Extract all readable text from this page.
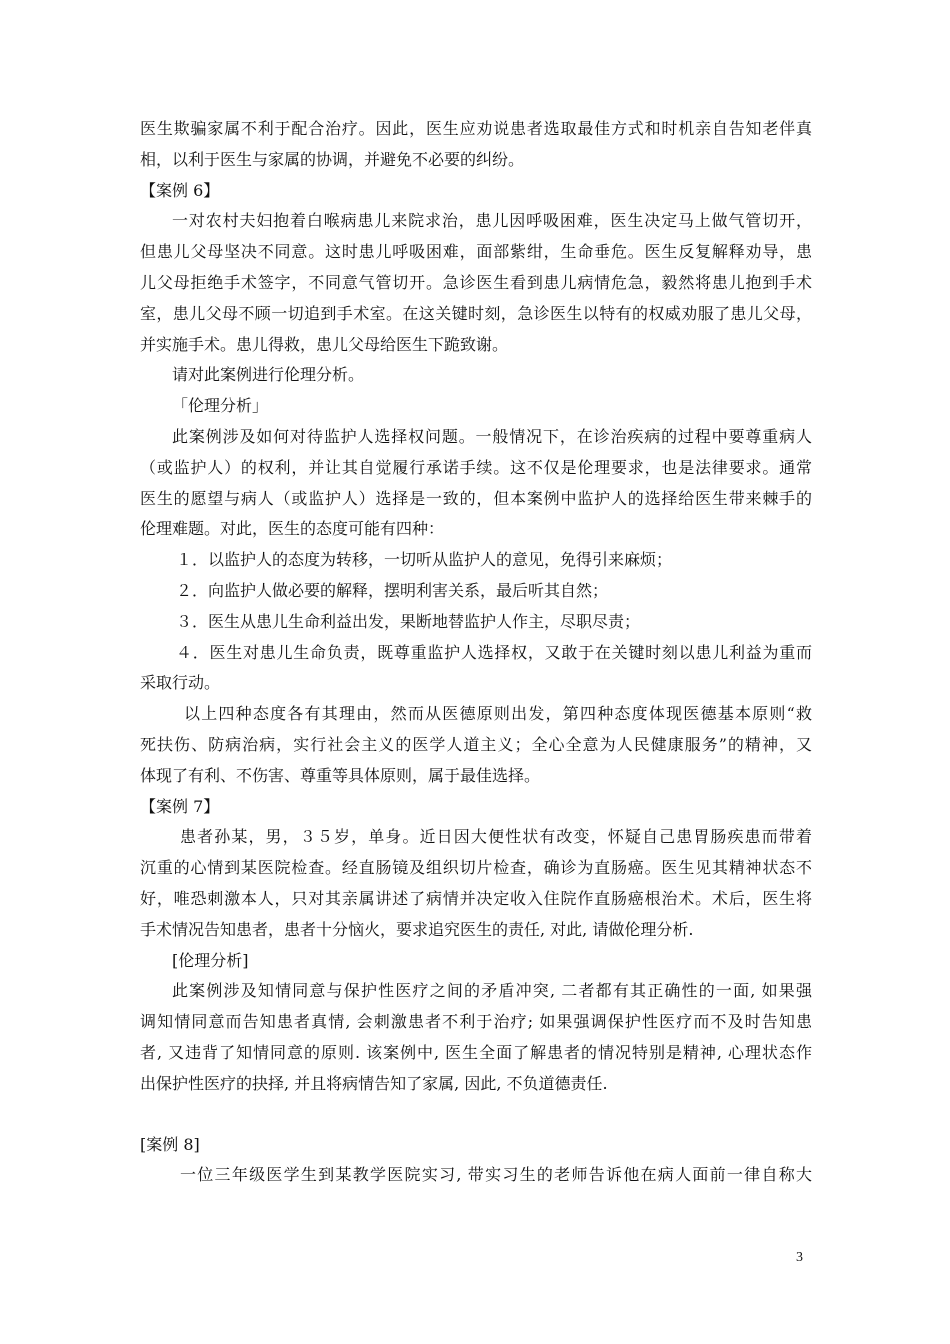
医生欺骗家属不利于配合治疗。因此，医生应劝说患者选取最佳方式和时机亲自告知老伴真
相，以利于医生与家属的协调，并避免不必要的纠纷。
【案例 6】
一对农村夫妇抱着白喉病患儿来院求治，患儿因呼吸困难，医生决定马上做气管切开，
但患儿父母坚决不同意。这时患儿呼吸困难，面部紫绀，生命垂危。医生反复解释劝导，患
儿父母拒绝手术签字，不同意气管切开。急诊医生看到患儿病情危急，毅然将患儿抱到手术
室，患儿父母不顾一切追到手术室。在这关键时刻，急诊医生以特有的权威劝服了患儿父母，
并实施手术。患儿得救，患儿父母给医生下跪致谢。
请对此案例进行伦理分析。
「伦理分析」
此案例涉及如何对待监护人选择权问题。一般情况下，在诊治疾病的过程中要尊重病人
（或监护人）的权利，并让其自觉履行承诺手续。这不仅是伦理要求，也是法律要求。通常
医生的愿望与病人（或监护人）选择是一致的，但本案例中监护人的选择给医生带来棘手的
伦理难题。对此，医生的态度可能有四种：
１．以监护人的态度为转移，一切听从监护人的意见，免得引来麻烦；
２．向监护人做必要的解释，摆明利害关系，最后听其自然；
３．医生从患儿生命利益出发，果断地替监护人作主，尽职尽责；
４．医生对患儿生命负责，既尊重监护人选择权，又敢于在关键时刻以患儿利益为重而
采取行动。
以上四种态度各有其理由，然而从医德原则出发，第四种态度体现医德基本原则“救
死扶伤、防病治病，实行社会主义的医学人道主义；全心全意为人民健康服务”的精神，又
体现了有利、不伤害、尊重等具体原则，属于最佳选择。
【案例 7】
患者孙某，男，３５岁，单身。近日因大便性状有改变，怀疑自己患胃肠疾患而带着
沉重的心情到某医院检查。经直肠镜及组织切片检查，确诊为直肠癌。医生见其精神状态不
好，唯恐刺激本人，只对其亲属讲述了病情并决定收入住院作直肠癌根治术。术后，医生将
手术情况告知患者，患者十分恼火，要求追究医生的责任, 对此, 请做伦理分析.
[伦理分析]
此案例涉及知情同意与保护性医疗之间的矛盾冲突, 二者都有其正确性的一面, 如果强
调知情同意而告知患者真情, 会刺激患者不利于治疗; 如果强调保护性医疗而不及时告知患
者, 又违背了知情同意的原则. 该案例中, 医生全面了解患者的情况特别是精神, 心理状态作
出保护性医疗的抉择, 并且将病情告知了家属, 因此, 不负道德责任.
[案例 8]
一位三年级医学生到某教学医院实习, 带实习生的老师告诉他在病人面前一律自称大
3
